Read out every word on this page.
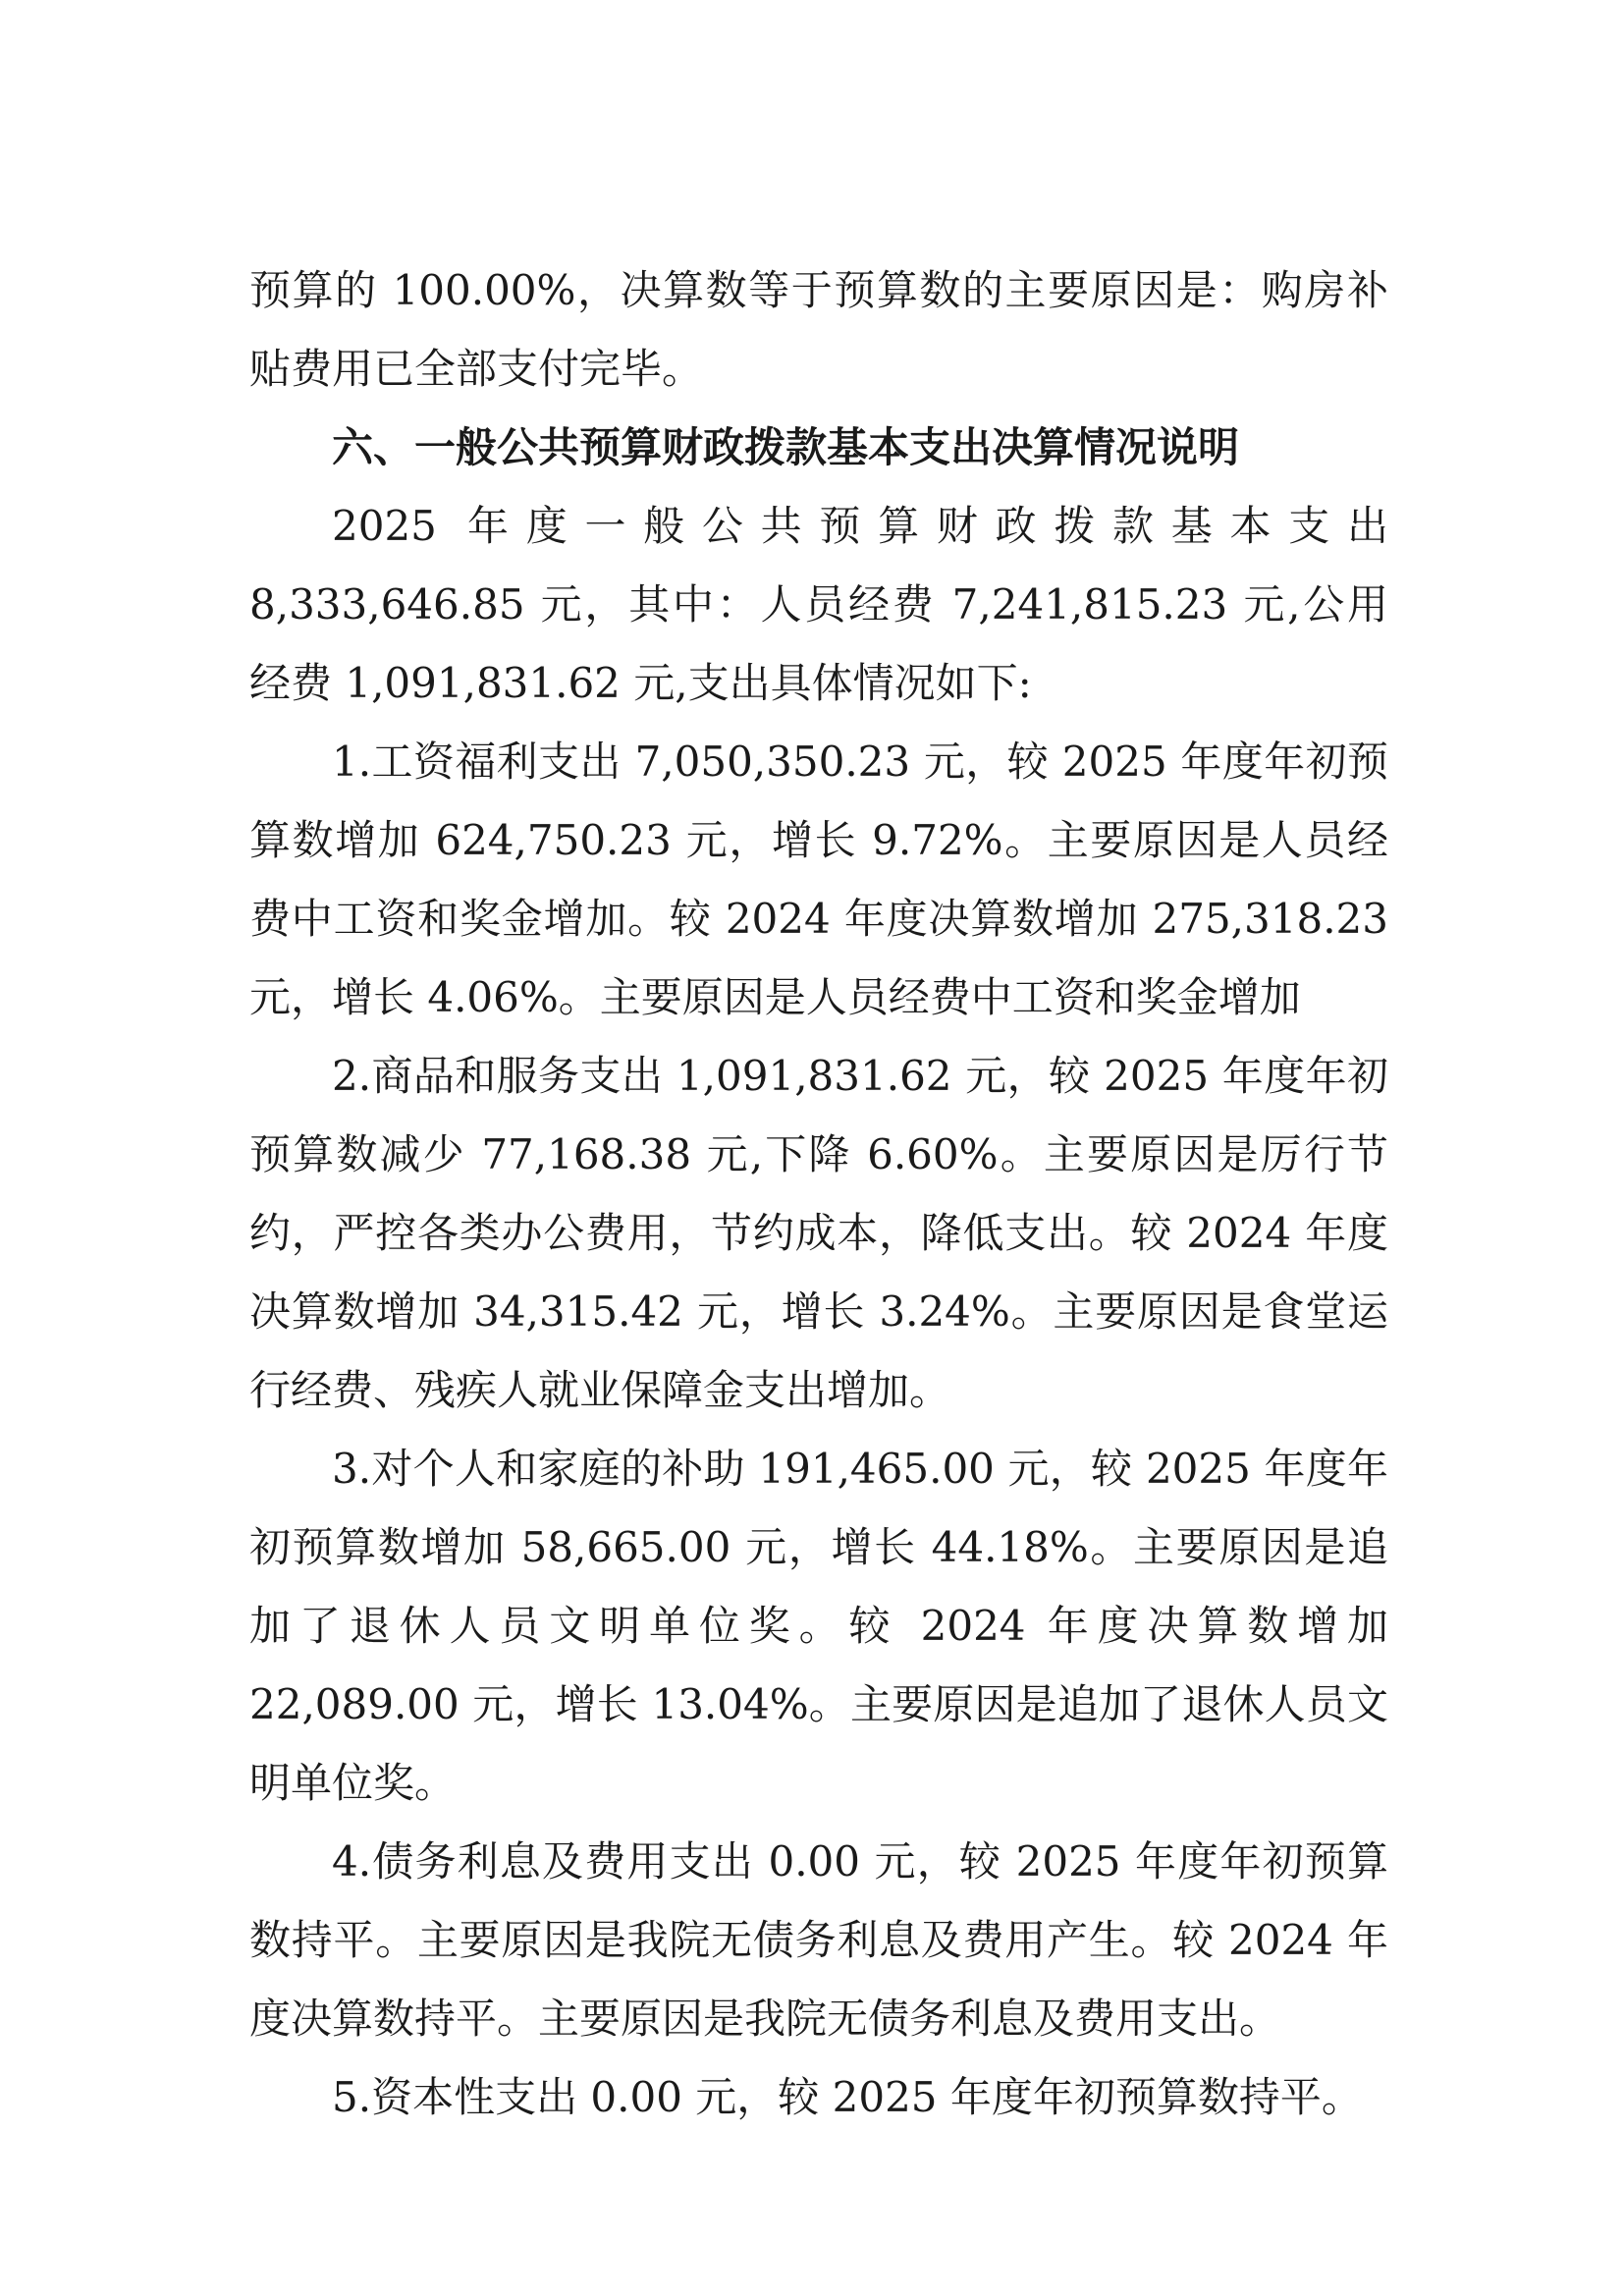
预算的 100.00%，决算数等于预算数的主要原因是：购房补贴费用已全部支付完毕。

六、一般公共预算财政拨款基本支出决算情况说明

2025 年度一般公共预算财政拨款基本支出 8,333,646.85 元，其中：人员经费 7,241,815.23 元,公用经费 1,091,831.62 元,支出具体情况如下:

1.工资福利支出 7,050,350.23 元，较 2025 年度年初预算数增加 624,750.23 元，增长 9.72%。主要原因是人员经费中工资和奖金增加。较 2024 年度决算数增加 275,318.23 元，增长 4.06%。主要原因是人员经费中工资和奖金增加

2.商品和服务支出 1,091,831.62 元，较 2025 年度年初预算数减少 77,168.38 元,下降 6.60%。主要原因是厉行节约，严控各类办公费用，节约成本，降低支出。较 2024 年度决算数增加 34,315.42 元，增长 3.24%。主要原因是食堂运行经费、残疾人就业保障金支出增加。

3.对个人和家庭的补助 191,465.00 元，较 2025 年度年初预算数增加 58,665.00 元，增长 44.18%。主要原因是追加了退休人员文明单位奖。较 2024 年度决算数增加 22,089.00 元，增长 13.04%。主要原因是追加了退休人员文明单位奖。

4.债务利息及费用支出 0.00 元，较 2025 年度年初预算数持平。主要原因是我院无债务利息及费用产生。较 2024 年度决算数持平。主要原因是我院无债务利息及费用支出。

5.资本性支出 0.00 元，较 2025 年度年初预算数持平。
